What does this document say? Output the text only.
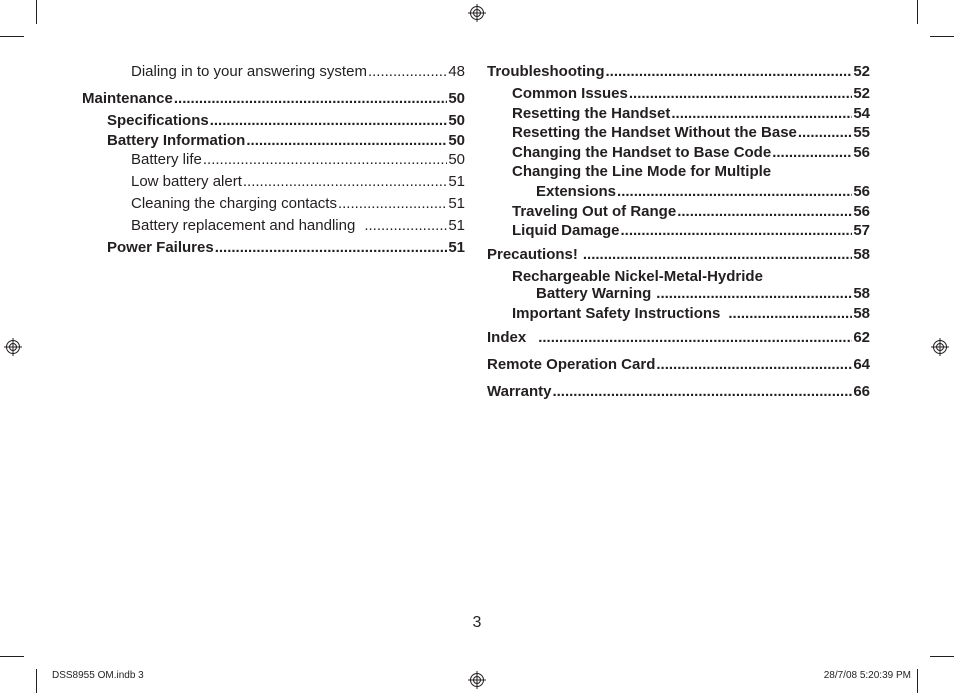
Dialing in to your answering system .....	48
Maintenance .....	50
Specifications .....	50
Battery Information .....	50
Battery life .....	50
Low battery alert .....	51
Cleaning the charging contacts .....	51
Battery replacement and handling .....	51
Power Failures .....	51
Troubleshooting .....	52
Common Issues .....	52
Resetting the Handset .....	54
Resetting the Handset Without the Base .....	55
Changing the Handset to Base Code .....	56
Changing the Line Mode for Multiple
Extensions .....	56
Traveling Out of Range .....	56
Liquid Damage .....	57
Precautions! .....	58
Rechargeable Nickel-Metal-Hydride
Battery Warning .....	58
Important Safety Instructions .....	58
Index .....	62
Remote Operation Card .....	64
Warranty .....	66
3
DSS8955 OM.indb 3	28/7/08 5:20:39 PM
